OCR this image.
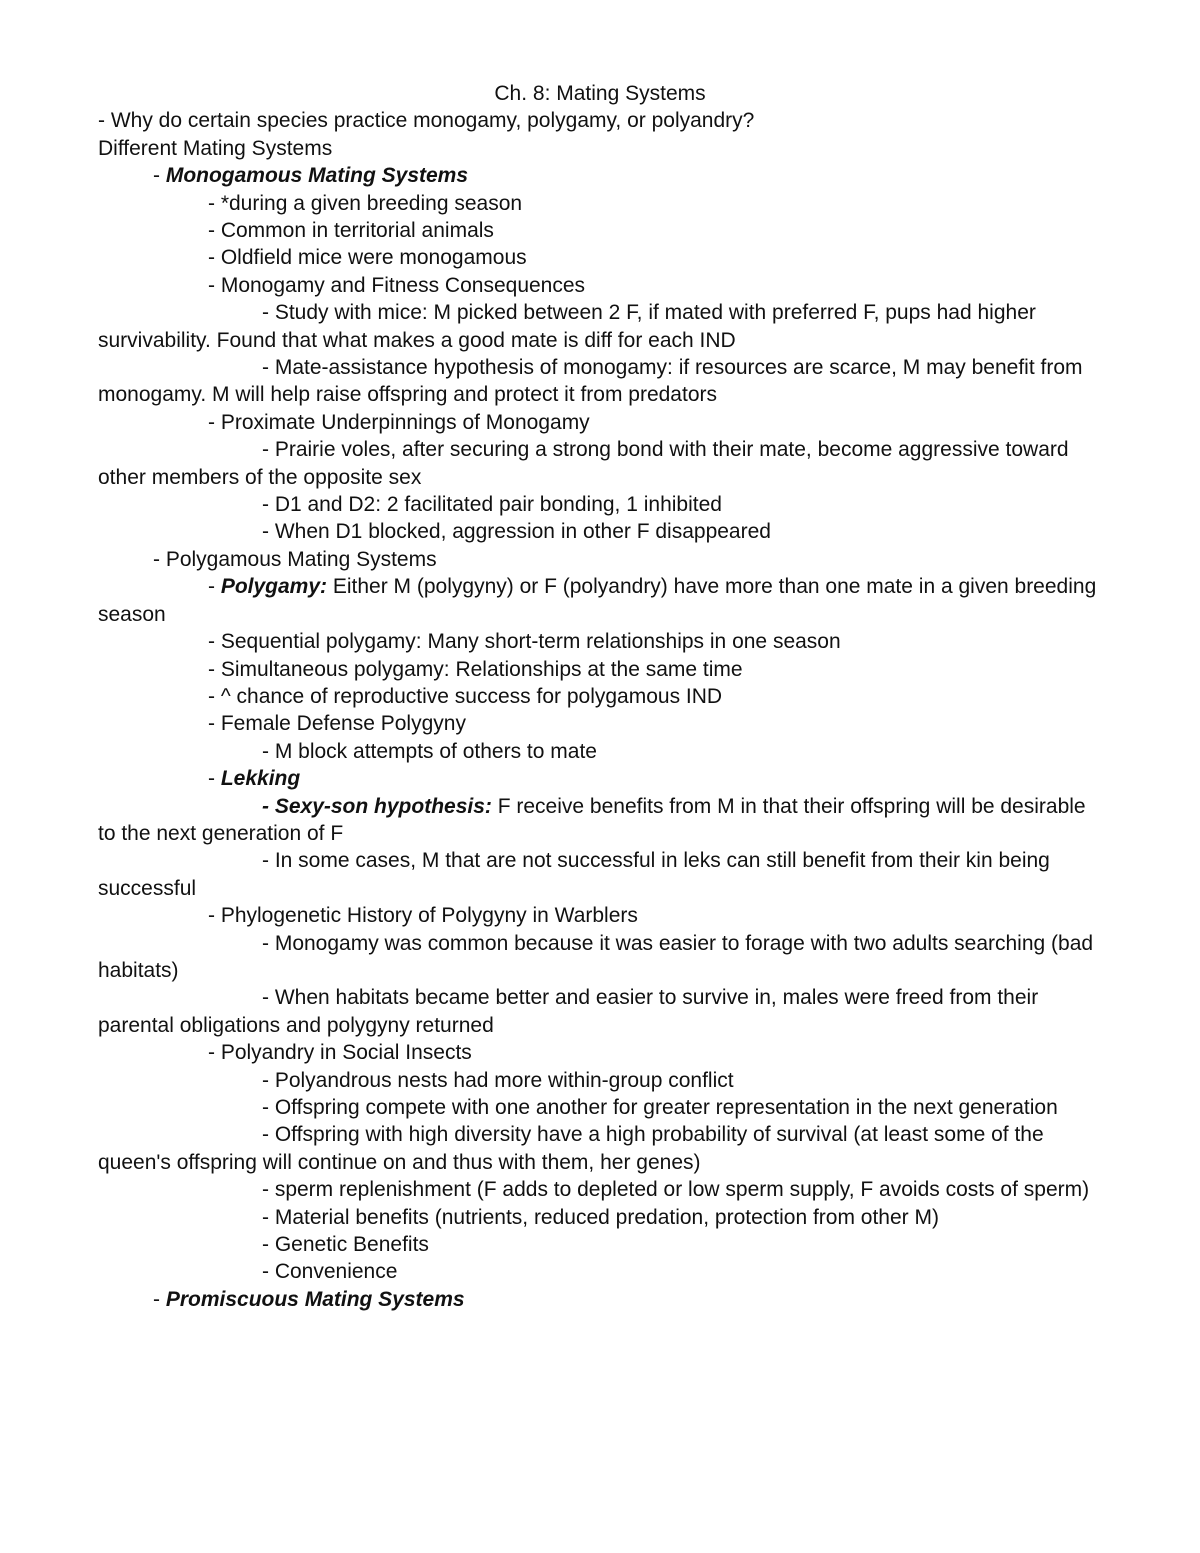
Ch. 8: Mating Systems
- Why do certain species practice monogamy, polygamy, or polyandry?
Different Mating Systems
- Monogamous Mating Systems
- *during a given breeding season
- Common in territorial animals
- Oldfield mice were monogamous
- Monogamy and Fitness Consequences
- Study with mice: M picked between 2 F, if mated with preferred F, pups had higher survivability. Found that what makes a good mate is diff for each IND
- Mate-assistance hypothesis of monogamy: if resources are scarce, M may benefit from monogamy. M will help raise offspring and protect it from predators
- Proximate Underpinnings of Monogamy
- Prairie voles, after securing a strong bond with their mate, become aggressive toward other members of the opposite sex
- D1 and D2: 2 facilitated pair bonding, 1 inhibited
- When D1 blocked, aggression in other F disappeared
- Polygamous Mating Systems
- Polygamy: Either M (polygyny) or F (polyandry) have more than one mate in a given breeding season
- Sequential polygamy: Many short-term relationships in one season
- Simultaneous polygamy: Relationships at the same time
- ^ chance of reproductive success for polygamous IND
- Female Defense Polygyny
- M block attempts of others to mate
- Lekking
- Sexy-son hypothesis: F receive benefits from M in that their offspring will be desirable to the next generation of F
- In some cases, M that are not successful in leks can still benefit from their kin being successful
- Phylogenetic History of Polygyny in Warblers
- Monogamy was common because it was easier to forage with two adults searching (bad habitats)
- When habitats became better and easier to survive in, males were freed from their parental obligations and polygyny returned
- Polyandry in Social Insects
- Polyandrous nests had more within-group conflict
- Offspring compete with one another for greater representation in the next generation
- Offspring with high diversity have a high probability of survival (at least some of the queen's offspring will continue on and thus with them, her genes)
- sperm replenishment (F adds to depleted or low sperm supply, F avoids costs of sperm)
- Material benefits (nutrients, reduced predation, protection from other M)
- Genetic Benefits
- Convenience
- Promiscuous Mating Systems
